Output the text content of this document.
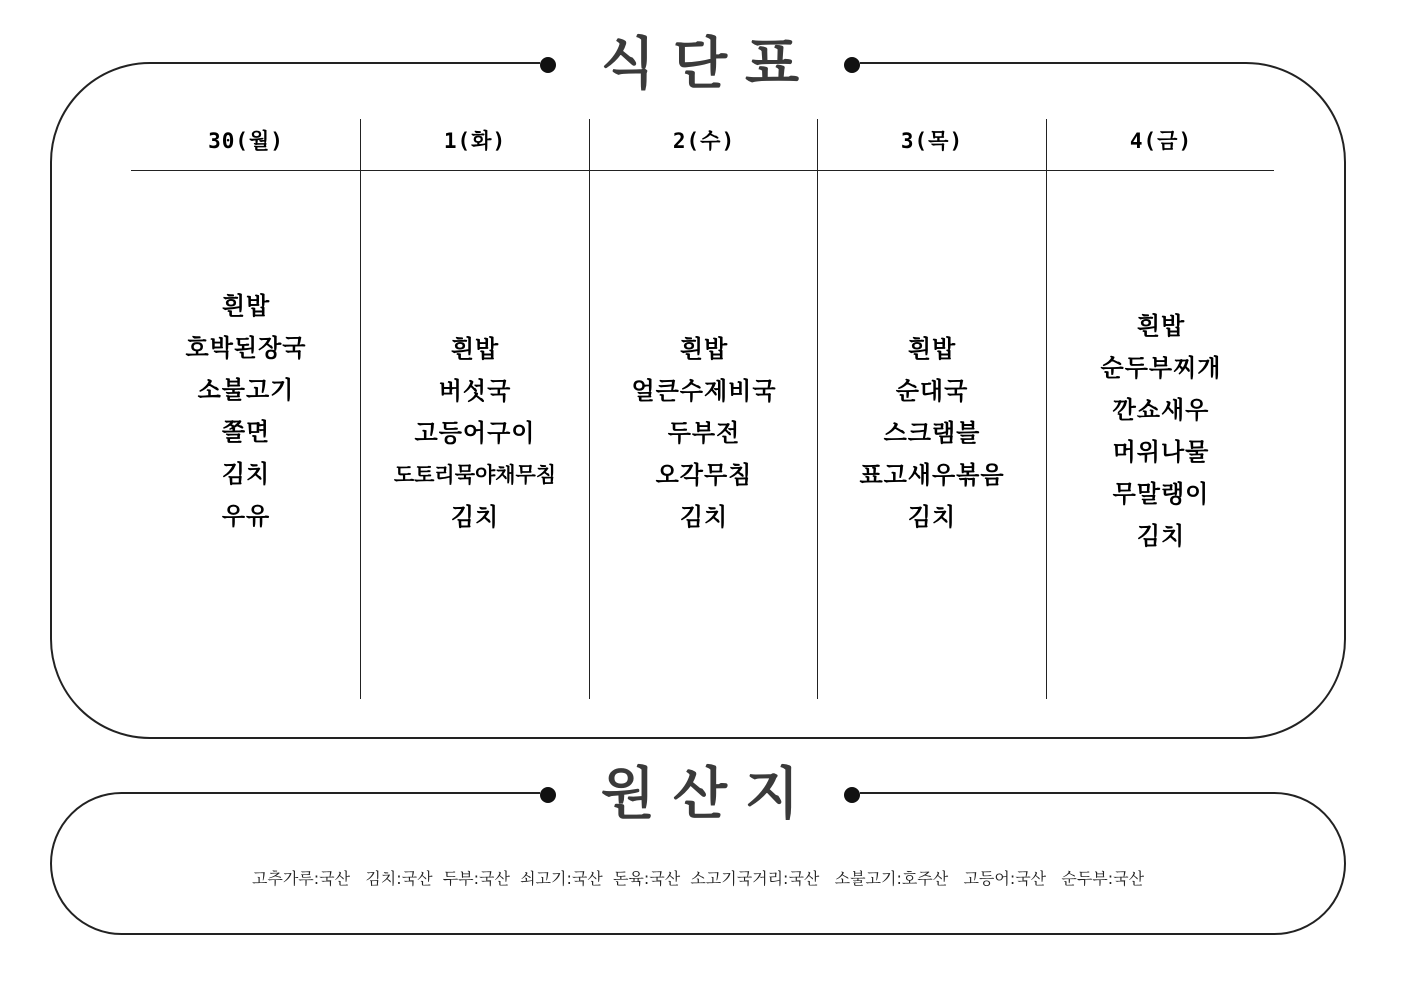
식단표
30(월)
흰밥
호박된장국
소불고기
쫄면
김치
우유
1(화)
흰밥
버섯국
고등어구이
도토리묵야채무침
김치
2(수)
흰밥
얼큰수제비국
두부전
오각무침
김치
3(목)
흰밥
순대국
스크램블
표고새우볶음
김치
4(금)
흰밥
순두부찌개
깐쇼새우
머위나물
무말랭이
김치
원산지
고추가루:국산   김치:국산  두부:국산  쇠고기:국산  돈육:국산  소고기국거리:국산   소불고기:호주산   고등어:국산   순두부:국산
